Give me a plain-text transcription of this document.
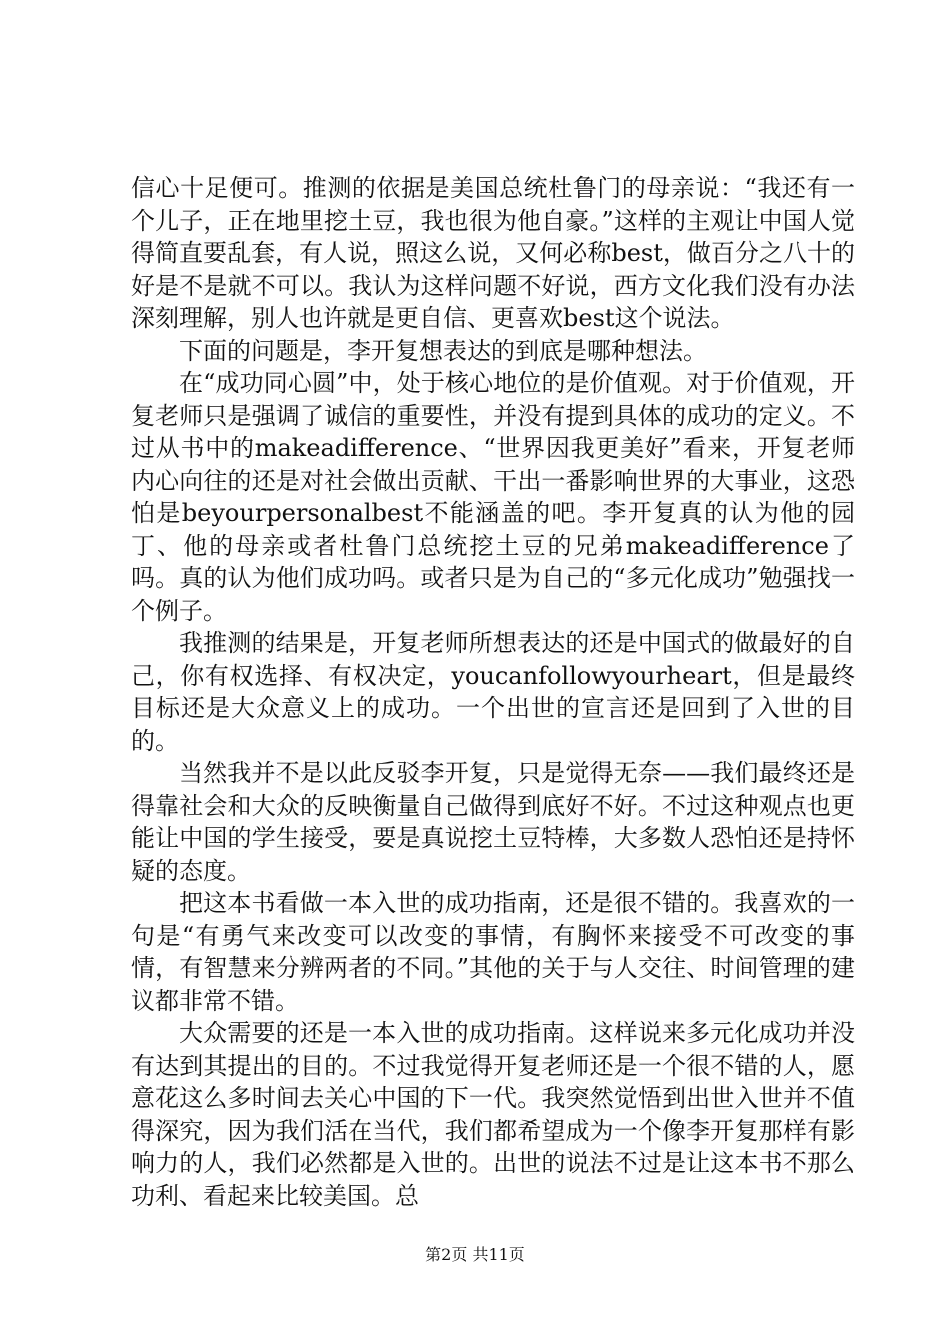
信心十足便可。推测的依据是美国总统杜鲁门的母亲说：“我还有一个儿子，正在地里挖土豆，我也很为他自豪。”这样的主观让中国人觉得简直要乱套，有人说，照这么说，又何必称best，做百分之八十的好是不是就不可以。我认为这样问题不好说，西方文化我们没有办法深刻理解，别人也许就是更自信、更喜欢best这个说法。

下面的问题是，李开复想表达的到底是哪种想法。

在“成功同心圆”中，处于核心地位的是价值观。对于价值观，开复老师只是强调了诚信的重要性，并没有提到具体的成功的定义。不过从书中的makeadifference、“世界因我更美好”看来，开复老师内心向往的还是对社会做出贡献、干出一番影响世界的大事业，这恐怕是beyourpersonalbest不能涵盖的吧。李开复真的认为他的园丁、他的母亲或者杜鲁门总统挖土豆的兄弟makeadifference了吗。真的认为他们成功吗。或者只是为自己的“多元化成功”勉强找一个例子。

我推测的结果是，开复老师所想表达的还是中国式的做最好的自己，你有权选择、有权决定，youcanfollowyourheart，但是最终目标还是大众意义上的成功。一个出世的宣言还是回到了入世的目的。

当然我并不是以此反驳李开复，只是觉得无奈——我们最终还是得靠社会和大众的反映衡量自己做得到底好不好。不过这种观点也更能让中国的学生接受，要是真说挖土豆特棒，大多数人恐怕还是持怀疑的态度。

把这本书看做一本入世的成功指南，还是很不错的。我喜欢的一句是“有勇气来改变可以改变的事情，有胸怀来接受不可改变的事情，有智慧来分辨两者的不同。”其他的关于与人交往、时间管理的建议都非常不错。

大众需要的还是一本入世的成功指南。这样说来多元化成功并没有达到其提出的目的。不过我觉得开复老师还是一个很不错的人，愿意花这么多时间去关心中国的下一代。我突然觉悟到出世入世并不值得深究，因为我们活在当代，我们都希望成为一个像李开复那样有影响力的人，我们必然都是入世的。出世的说法不过是让这本书不那么功利、看起来比较美国。总

第2页 共11页
